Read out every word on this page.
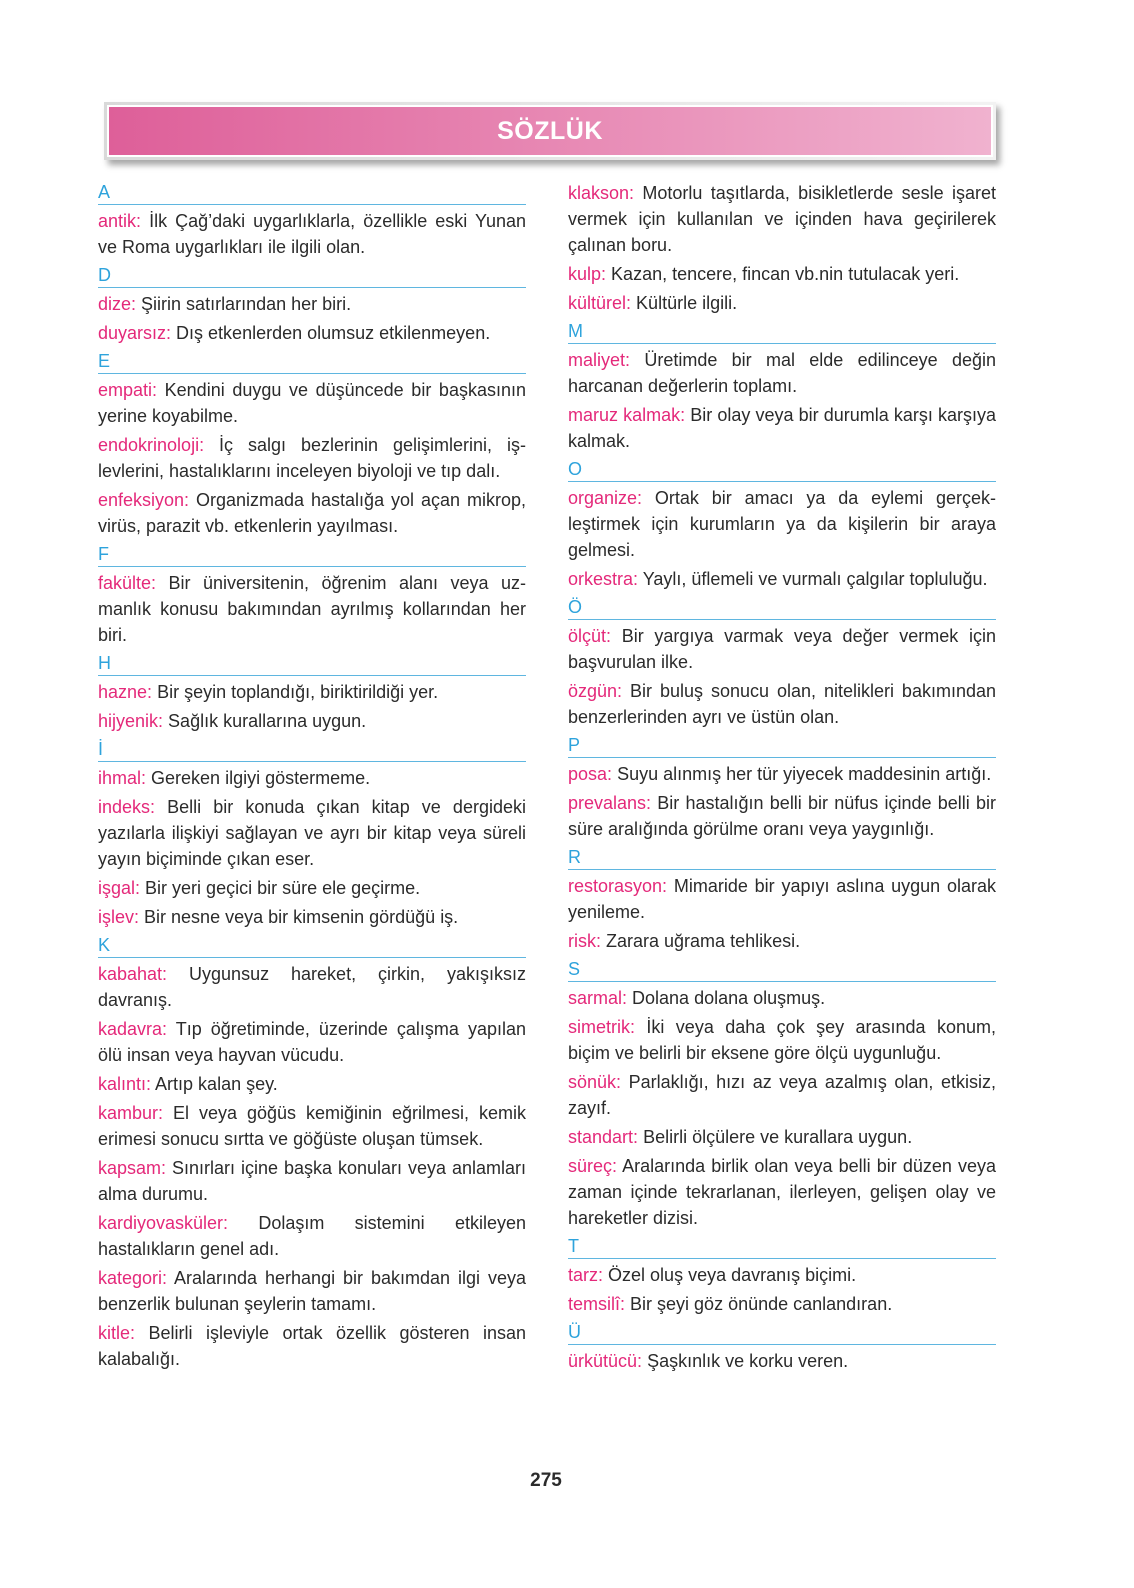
SÖZLÜK
A
antik: İlk Çağ’daki uygarlıklarla, özellikle eski Yunan ve Roma uygarlıkları ile ilgili olan.
D
dize: Şiirin satırlarından her biri.
duyarsız: Dış etkenlerden olumsuz etkilenmeyen.
E
empati: Kendini duygu ve düşüncede bir başkasının yerine koyabilme.
endokrinoloji: İç salgı bezlerinin gelişimlerini, işlevlerini, hastalıklarını inceleyen biyoloji ve tıp dalı.
enfeksiyon: Organizmada hastalığa yol açan mikrop, virüs, parazit vb. etkenlerin yayılması.
F
fakülte: Bir üniversitenin, öğrenim alanı veya uzmanlık konusu bakımından ayrılmış kollarından her biri.
H
hazne: Bir şeyin toplandığı, biriktirildiği yer.
hijyenik: Sağlık kurallarına uygun.
İ
ihmal: Gereken ilgiyi göstermeme.
indeks: Belli bir konuda çıkan kitap ve dergideki yazılarla ilişkiyi sağlayan ve ayrı bir kitap veya süreli yayın biçiminde çıkan eser.
işgal: Bir yeri geçici bir süre ele geçirme.
işlev: Bir nesne veya bir kimsenin gördüğü iş.
K
kabahat: Uygunsuz hareket, çirkin, yakışıksız davranış.
kadavra: Tıp öğretiminde, üzerinde çalışma yapılan ölü insan veya hayvan vücudu.
kalıntı: Artıp kalan şey.
kambur: El veya göğüs kemiğinin eğrilmesi, kemik erimesi sonucu sırtta ve göğüste oluşan tümsek.
kapsam: Sınırları içine başka konuları veya anlamları alma durumu.
kardiyovasküler: Dolaşım sistemini etkileyen hastalıkların genel adı.
kategori: Aralarında herhangi bir bakımdan ilgi veya benzerlik bulunan şeylerin tamamı.
kitle: Belirli işleviyle ortak özellik gösteren insan kalabalığı.
klakson: Motorlu taşıtlarda, bisikletlerde sesle işaret vermek için kullanılan ve içinden hava geçirilerek çalınan boru.
kulp: Kazan, tencere, fincan vb.nin tutulacak yeri.
kültürel: Kültürle ilgili.
M
maliyet: Üretimde bir mal elde edilinceye değin harcanan değerlerin toplamı.
maruz kalmak: Bir olay veya bir durumla karşı karşıya kalmak.
O
organize: Ortak bir amacı ya da eylemi gerçekleştirmek için kurumların ya da kişilerin bir araya gelmesi.
orkestra: Yaylı, üflemeli ve vurmalı çalgılar topluluğu.
Ö
ölçüt: Bir yargıya varmak veya değer vermek için başvurulan ilke.
özgün: Bir buluş sonucu olan, nitelikleri bakımından benzerlerinden ayrı ve üstün olan.
P
posa: Suyu alınmış her tür yiyecek maddesinin artığı.
prevalans: Bir hastalığın belli bir nüfus içinde belli bir süre aralığında görülme oranı veya yaygınlığı.
R
restorasyon: Mimaride bir yapıyı aslına uygun olarak yenileme.
risk: Zarara uğrama tehlikesi.
S
sarmal: Dolana dolana oluşmuş.
simetrik: İki veya daha çok şey arasında konum, biçim ve belirli bir eksene göre ölçü uygunluğu.
sönük: Parlaklığı, hızı az veya azalmış olan, etkisiz, zayıf.
standart: Belirli ölçülere ve kurallara uygun.
süreç: Aralarında birlik olan veya belli bir düzen veya zaman içinde tekrarlanan, ilerleyen, gelişen olay ve hareketler dizisi.
T
tarz: Özel oluş veya davranış biçimi.
temsilî: Bir şeyi göz önünde canlandıran.
Ü
ürkütücü: Şaşkınlık ve korku veren.
275
